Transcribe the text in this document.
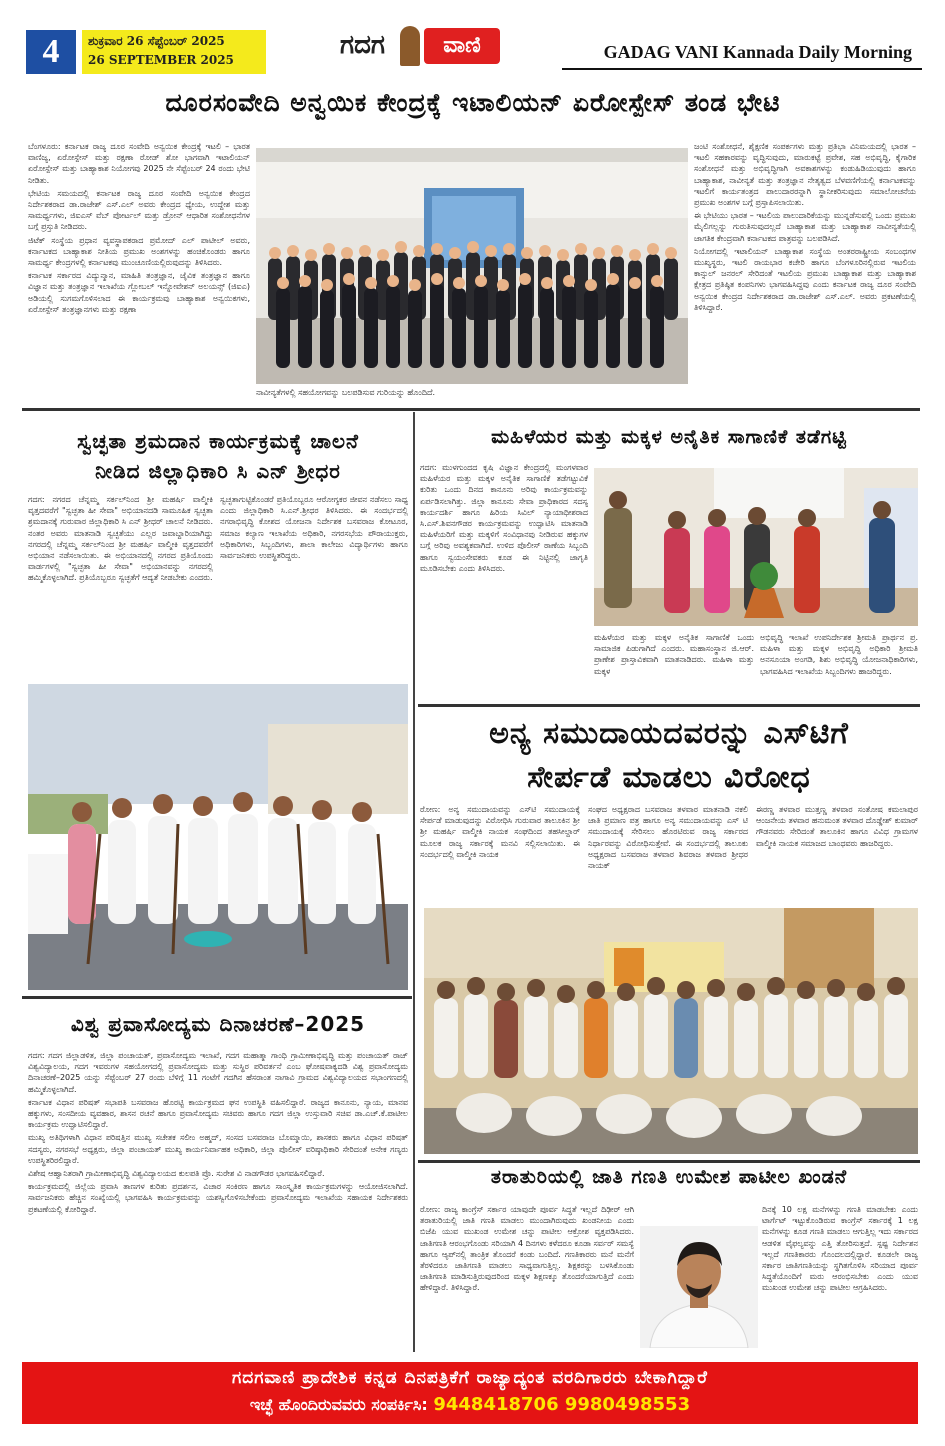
4	ಶುಕ್ರವಾರ 26 ಸೆಪ್ಟೆಂಬರ್ 2025
26 SEPTEMBER 2025	ಗದಗ	ವಾಣಿ	GADAG VANI Kannada Daily Morning
ದೂರಸಂವೇದಿ ಅನ್ವಯಿಕ ಕೇಂದ್ರಕ್ಕೆ ಇಟಾಲಿಯನ್ ಏರೋಸ್ಪೇಸ್ ತಂಡ ಭೇಟಿ

ಬೆಂಗಳೂರು: ಕರ್ನಾಟಕ ರಾಜ್ಯ ದೂರ ಸಂವೇದಿ ಅನ್ವಯಿಕ ಕೇಂದ್ರಕ್ಕೆ ಇಟಲಿ – ಭಾರತ ವಾಣಿಜ್ಯ, ಏರೋಸ್ಪೇಸ್ ಮತ್ತು ರಕ್ಷಣಾ ರೋಡ್ ಶೋ ಭಾಗವಾಗಿ ಇಟಾಲಿಯನ್ ಏರೋಸ್ಪೇಸ್ ಮತ್ತು ಬಾಹ್ಯಾಕಾಶ ನಿಯೋಗವು 2025 ನೇ ಸೆಪ್ಟೆಂಬರ್ 24 ರಂದು ಭೇಟಿ ನೀಡಿತು.

ಭೇಟಿಯ ಸಮಯದಲ್ಲಿ ಕರ್ನಾಟಕ ರಾಜ್ಯ ದೂರ ಸಂವೇದಿ ಅನ್ವಯಿಕ ಕೇಂದ್ರದ ನಿರ್ದೇಶಕರಾದ ಡಾ.ರಾಜೇಶ್ ಎಸ್.ಎಲ್ ಅವರು ಕೇಂದ್ರದ ಧ್ಯೇಯ, ಉದ್ದೇಶ ಮತ್ತು ಸಾಮರ್ಥ್ಯಗಳು, ಜಿಐಎಸ್ ವೆಬ್ ಪೋರ್ಟಲ್ ಮತ್ತು ಡ್ರೋನ್ ಆಧಾರಿತ ಸಂಶೋಧನೆಗಳ ಬಗ್ಗೆ ಪ್ರಸ್ತುತಿ ನೀಡಿದರು.

ಜಿಟೆಕ್ ಸಂಸ್ಥೆಯ ಪ್ರಧಾನ ವ್ಯವಸ್ಥಾಪಕರಾದ ಪ್ರಮೋದ್ ಎಲ್ ಪಾಟೀಲ್ ಅವರು, ಕರ್ನಾಟಕದ ಬಾಹ್ಯಾಕಾಶ ನೀತಿಯ ಪ್ರಮುಖ ಅಂಶಗಳನ್ನು ಹಂಚಿಕೊಂಡರು ಹಾಗೂ ಸಾಮರ್ಥ್ಯ ಕೇಂದ್ರಗಳಲ್ಲಿ ಕರ್ನಾಟಕವು ಮುಂಚೂಣಿಯಲ್ಲಿರುವುದನ್ನು ತಿಳಿಸಿದರು.

ಕರ್ನಾಟಕ ಸರ್ಕಾರದ ವಿದ್ಯುನ್ಮಾನ, ಮಾಹಿತಿ ತಂತ್ರಜ್ಞಾನ, ಜೈವಿಕ ತಂತ್ರಜ್ಞಾನ ಹಾಗೂ ವಿಜ್ಞಾನ ಮತ್ತು ತಂತ್ರಜ್ಞಾನ ಇಲಾಖೆಯ ಗ್ಲೋಬಲ್ ಇನ್ನೋವೇಶನ್ ಅಲಯನ್ಸ್ (ಜಿಐಎ) ಅಡಿಯಲ್ಲಿ ಸುಗಮಗೊಳಿಸಲಾದ ಈ ಕಾರ್ಯಕ್ರಮವು ಬಾಹ್ಯಾಕಾಶ ಅನ್ವಯಿಕಗಳು, ಏರೋಸ್ಪೇಸ್ ತಂತ್ರಜ್ಞಾನಗಳು ಮತ್ತು ರಕ್ಷಣಾ

ನಾವೀನ್ಯತೆಗಳಲ್ಲಿ ಸಹಯೋಗವನ್ನು ಬಲಪಡಿಸುವ ಗುರಿಯನ್ನು ಹೊಂದಿದೆ.

ಜಂಟಿ ಸಂಶೋಧನೆ, ಶೈಕ್ಷಣಿಕ ಸಂಪರ್ಕಗಳು ಮತ್ತು ಪ್ರತಿಭಾ ವಿನಿಮಯದಲ್ಲಿ ಭಾರತ – ಇಟಲಿ ಸಹಕಾರವನ್ನು ವೃದ್ಧಿಸುವುದು, ಮಾರುಕಟ್ಟೆ ಪ್ರವೇಶ, ಸಹ ಅಭಿವೃದ್ಧಿ, ಕೈಗಾರಿಕ ಸಂಶೋಧನೆ ಮತ್ತು ಅಭಿವೃದ್ಧಿಗಾಗಿ ಅವಕಾಶಗಳನ್ನು ಕಂಡುಹಿಡಿಯುವುದು ಹಾಗೂ ಬಾಹ್ಯಾಕಾಶ, ನಾವೀನ್ಯತೆ ಮತ್ತು ತಂತ್ರಜ್ಞಾನ ನೇತೃತ್ವದ ಬೆಳವಣಿಗೆಯಲ್ಲಿ ಕರ್ನಾಟಕವನ್ನು ಇಟಲಿಗೆ ಕಾರ್ಯತಂತ್ರದ ಪಾಲುದಾರರನ್ನಾಗಿ ಸ್ಥಾನೀಕರಿಸುವುದು ಸಮಾಲೋಚನೆಯ ಪ್ರಮುಖ ಅಂಶಗಳ ಬಗ್ಗೆ ಪ್ರಸ್ತಾಪಿಸಲಾಯಿತು.

ಈ ಭೇಟಿಯು ಭಾರತ – ಇಟಲಿಯ ಪಾಲುದಾರಿಕೆಯನ್ನು ಮುನ್ನಡೆಸುವಲ್ಲಿ ಒಂದು ಪ್ರಮುಖ ಮೈಲಿಗಲ್ಲನ್ನು ಗುರುತಿಸುವುದಲ್ಲದೆ ಬಾಹ್ಯಾಕಾಶ ಮತ್ತು ಬಾಹ್ಯಾಕಾಶ ನಾವೀನ್ಯತೆಯಲ್ಲಿ ಜಾಗತಿಕ ಕೇಂದ್ರವಾಗಿ ಕರ್ನಾಟಕದ ಪಾತ್ರವನ್ನು ಬಲಪಡಿಸಿದೆ.

ನಿಯೋಗದಲ್ಲಿ ಇಟಾಲಿಯನ್ ಬಾಹ್ಯಾಕಾಶ ಸಂಸ್ಥೆಯ ಅಂತರರಾಷ್ಟ್ರೀಯ ಸಂಬಂಧಗಳ ಮುಖ್ಯಸ್ಥರು, ಇಟಲಿ ರಾಯಭಾರ ಕಚೇರಿ ಹಾಗೂ ಬೆಂಗಳೂರಿನಲ್ಲಿರುವ ಇಟಲಿಯ ಕಾನ್ಸುಲ್ ಜನರಲ್ ಸೇರಿದಂತೆ ಇಟಲಿಯ ಪ್ರಮುಖ ಬಾಹ್ಯಾಕಾಶ ಮತ್ತು ಬಾಹ್ಯಾಕಾಶ ಕ್ಷೇತ್ರದ ಪ್ರತಿಷ್ಠಿತ ಕಂಪನಿಗಳು ಭಾಗವಹಿಸಿದ್ದವು ಎಂದು ಕರ್ನಾಟಕ ರಾಜ್ಯ ದೂರ ಸಂವೇದಿ ಅನ್ವಯಿಕ ಕೇಂದ್ರದ ನಿರ್ದೇಶಕರಾದ ಡಾ.ರಾಜೇಶ್ ಎಸ್.ಎಲ್. ಅವರು ಪ್ರಕಟಣೆಯಲ್ಲಿ ತಿಳಿಸಿದ್ದಾರೆ.

ಸ್ವಚ್ಛತಾ ಶ್ರಮದಾನ ಕಾರ್ಯಕ್ರಮಕ್ಕೆ ಚಾಲನೆ
ನೀಡಿದ ಜಿಲ್ಲಾಧಿಕಾರಿ ಸಿ ಎನ್ ಶ್ರೀಧರ
ಗದಗ: ನಗರದ ಚೆನ್ನಮ್ಮ ಸರ್ಕಲ್‍ನಿಂದ ಶ್ರೀ ಮಹರ್ಷಿ ವಾಲ್ಮೀಕಿ ವೃತ್ತದವರೆಗೆ "ಸ್ವಚ್ಛತಾ ಹೀ ಸೇವಾ" ಅಭಿಯಾನದಡಿ ಸಾಮೂಹಿಕ ಸ್ವಚ್ಛತಾ ಶ್ರಮದಾನಕ್ಕೆ ಗುರುವಾರ ಜಿಲ್ಲಾಧಿಕಾರಿ ಸಿ ಎನ್ ಶ್ರೀಧರ್ ಚಾಲನೆ ನೀಡಿದರು. ನಂತರ ಅವರು ಮಾತನಾಡಿ ಸ್ವಚ್ಛತೆಯು ಎಲ್ಲರ ಜವಾಬ್ದಾರಿಯಾಗಿದ್ದು ನಗರದಲ್ಲಿ ಚೆನ್ನಮ್ಮ ಸರ್ಕಲ್‍ನಿಂದ ಶ್ರೀ ಮಹರ್ಷಿ ವಾಲ್ಮೀಕಿ ವೃತ್ತದವರೆಗೆ ಅಭಿಯಾನ ನಡೆಸಲಾಯಿತು. ಈ ಅಭಿಯಾನದಲ್ಲಿ ನಗರದ ಪ್ರತಿಯೊಂದು ವಾರ್ಡಗಳಲ್ಲಿ "ಸ್ವಚ್ಛತಾ ಹೀ ಸೇವಾ" ಅಭಿಯಾನವನ್ನು ನಗರದಲ್ಲಿ ಹಮ್ಮಿಕೊಳ್ಳಲಾಗಿದೆ. ಪ್ರತಿಯೊಬ್ಬರೂ ಸ್ವಚ್ಛತೆಗೆ ಆದ್ಯತೆ ನೀಡಬೇಕು ಎಂದರು.
ಸ್ವಚ್ಛತಾಗುಟ್ಟಿಕೊಂಡರೆ ಪ್ರತಿಯೊಬ್ಬರೂ ಆರೋಗ್ಯಕರ ಜೀವನ ನಡೆಸಲು ಸಾಧ್ಯ ಎಂದು ಜಿಲ್ಲಾಧಿಕಾರಿ ಸಿ.ಎನ್.ಶ್ರೀಧರ ತಿಳಿಸಿದರು. ಈ ಸಂದರ್ಭದಲ್ಲಿ ನಗರಾಭಿವೃದ್ಧಿ ಕೋಶದ ಯೋಜನಾ ನಿರ್ದೇಶಕ ಬಸವರಾಜ ಕೋಟೂರ, ಸಮಾಜ ಕಲ್ಯಾಣ ಇಲಾಖೆಯ ಅಧಿಕಾರಿ, ನಗರಸಭೆಯ ಪೌರಾಯುಕ್ತರು, ಅಧಿಕಾರಿಗಳು, ಸಿಬ್ಬಂದಿಗಳು, ಶಾಲಾ ಕಾಲೇಜು ವಿದ್ಯಾರ್ಥಿಗಳು ಹಾಗೂ ಸಾರ್ವಜನಿಕರು ಉಪಸ್ಥಿತರಿದ್ದರು.
ವಿಶ್ವ ಪ್ರವಾಸೋದ್ಯಮ ದಿನಾಚರಣೆ–2025

ಗದಗ: ಗದಗ ಜಿಲ್ಲಾಡಳಿತ, ಜಿಲ್ಲಾ ಪಂಚಾಯತ್, ಪ್ರವಾಸೋದ್ಯಮ ಇಲಾಖೆ, ಗದಗ ಮಹಾತ್ಮಾ ಗಾಂಧಿ ಗ್ರಾಮೀಣಾಭಿವೃದ್ಧಿ ಮತ್ತು ಪಂಚಾಯತ್ ರಾಜ್ ವಿಶ್ವವಿದ್ಯಾಲಯ, ಗದಗ ಇವರುಗಳ ಸಹಯೋಗದಲ್ಲಿ ಪ್ರವಾಸೋದ್ಯಮ ಮತ್ತು ಸುಸ್ಥಿರ ಪರಿವರ್ತನೆ ಎಂಬ ಘೋಷವಾಕ್ಯದಡಿ ವಿಶ್ವ ಪ್ರವಾಸೋದ್ಯಮ ದಿನಾಚರಣೆ–2025 ಯನ್ನು ಸೆಪ್ಟೆಂಬರ್ 27 ರಂದು ಬೆಳಿಗ್ಗೆ 11 ಗಂಟೆಗೆ ಗದಗಿನ ಹೆಸರಾಂತ ನಾಗಾವಿ ಗ್ರಾಮದ ವಿಶ್ವವಿದ್ಯಾಲಯದ ಸಭಾಂಗಣದಲ್ಲಿ ಹಮ್ಮಿಕೊಳ್ಳಲಾಗಿದೆ.

ಕರ್ನಾಟಕ ವಿಧಾನ ಪರಿಷತ್ ಸಭಾಪತಿ ಬಸವರಾಜ ಹೊರಟ್ಟಿ ಕಾರ್ಯಕ್ರಮದ ಘನ ಉಪಸ್ಥಿತಿ ವಹಿಸಲಿದ್ದಾರೆ. ರಾಜ್ಯದ ಕಾನೂನು, ನ್ಯಾಯ, ಮಾನವ ಹಕ್ಕುಗಳು, ಸಂಸದೀಯ ವ್ಯವಹಾರ, ಶಾಸನ ರಚನೆ ಹಾಗೂ ಪ್ರವಾಸೋದ್ಯಮ ಸಚಿವರು ಹಾಗೂ ಗದಗ ಜಿಲ್ಲಾ ಉಸ್ತುವಾರಿ ಸಚಿವ ಡಾ.ಎಚ್.ಕೆ.ಪಾಟೀಲ ಕಾರ್ಯಕ್ರಮ ಉದ್ಘಾಟಿಸಲಿದ್ದಾರೆ.

ಮುಖ್ಯ ಅತಿಥಿಗಳಾಗಿ ವಿಧಾನ ಪರಿಷತ್ತಿನ ಮುಖ್ಯ ಸಚೇತಕ ಸಲೀಂ ಅಹ್ಮದ್, ಸಂಸದ ಬಸವರಾಜ ಬೊಮ್ಮಾಯಿ, ಶಾಸಕರು ಹಾಗೂ ವಿಧಾನ ಪರಿಷತ್ ಸದಸ್ಯರು, ನಗರಸಭೆ ಅಧ್ಯಕ್ಷರು, ಜಿಲ್ಲಾ ಪಂಚಾಯತ್ ಮುಖ್ಯ ಕಾರ್ಯನಿರ್ವಾಹಕ ಅಧಿಕಾರಿ, ಜಿಲ್ಲಾ ಪೊಲೀಸ್ ವರಿಷ್ಠಾಧಿಕಾರಿ ಸೇರಿದಂತೆ ಅನೇಕ ಗಣ್ಯರು ಉಪಸ್ಥಿತರಿರಲಿದ್ದಾರೆ.

ವಿಶೇಷ ಆಹ್ವಾನಿತರಾಗಿ ಗ್ರಾಮೀಣಾಭಿವೃದ್ಧಿ ವಿಶ್ವವಿದ್ಯಾಲಯದ ಕುಲಪತಿ ಪ್ರೊ. ಸುರೇಶ ವಿ ನಾಡಗೌಡರ ಭಾಗವಹಿಸಲಿದ್ದಾರೆ.

ಕಾರ್ಯಕ್ರಮದಲ್ಲಿ ಜಿಲ್ಲೆಯ ಪ್ರವಾಸಿ ತಾಣಗಳ ಕುರಿತು ಪ್ರದರ್ಶನ, ವಿಚಾರ ಸಂಕಿರಣ ಹಾಗೂ ಸಾಂಸ್ಕೃತಿಕ ಕಾರ್ಯಕ್ರಮಗಳನ್ನು ಆಯೋಜಿಸಲಾಗಿದೆ. ಸಾರ್ವಜನಿಕರು ಹೆಚ್ಚಿನ ಸಂಖ್ಯೆಯಲ್ಲಿ ಭಾಗವಹಿಸಿ ಕಾರ್ಯಕ್ರಮವನ್ನು ಯಶಸ್ವಿಗೊಳಿಸಬೇಕೆಂದು ಪ್ರವಾಸೋದ್ಯಮ ಇಲಾಖೆಯ ಸಹಾಯಕ ನಿರ್ದೇಶಕರು ಪ್ರಕಟಣೆಯಲ್ಲಿ ಕೋರಿದ್ದಾರೆ.

ಮಹಿಳೆಯರ ಮತ್ತು ಮಕ್ಕಳ ಅನೈತಿಕ ಸಾಗಾಣಿಕೆ ತಡೆಗಟ್ಟಿ
ಗದಗ: ಮುಳಗುಂದದ ಕೃಷಿ ವಿಜ್ಞಾನ ಕೇಂದ್ರದಲ್ಲಿ ಮಂಗಳವಾರ ಮಹಿಳೆಯರ ಮತ್ತು ಮಕ್ಕಳ ಅನೈತಿಕ ಸಾಗಾಣಿಕೆ ತಡೆಗಟ್ಟುವಿಕೆ ಕುರಿತು ಒಂದು ದಿನದ ಕಾನೂನು ಅರಿವು ಕಾರ್ಯಕ್ರಮವನ್ನು ಏರ್ಪಡಿಸಲಾಗಿತ್ತು. ಜಿಲ್ಲಾ ಕಾನೂನು ಸೇವಾ ಪ್ರಾಧಿಕಾರದ ಸದಸ್ಯ ಕಾರ್ಯದರ್ಶಿ ಹಾಗೂ ಹಿರಿಯ ಸಿವಿಲ್ ನ್ಯಾಯಾಧೀಶರಾದ ಸಿ.ಎಸ್.ಶಿವನಗೌಡರ ಕಾರ್ಯಕ್ರಮವನ್ನು ಉದ್ಘಾಟಿಸಿ ಮಾತನಾಡಿ ಮಹಿಳೆಯರಿಗೆ ಮತ್ತು ಮಕ್ಕಳಿಗೆ ಸಂವಿಧಾನವು ನೀಡಿರುವ ಹಕ್ಕುಗಳ ಬಗ್ಗೆ ಅರಿವು ಅವಶ್ಯಕವಾಗಿದೆ. ಉಳಿದ ಪೊಲೀಸ್ ಠಾಣೆಯ ಸಿಬ್ಬಂದಿ ಹಾಗೂ ಸ್ವಯಂಸೇವಕರು ಕೂಡ ಈ ನಿಟ್ಟಿನಲ್ಲಿ ಜಾಗೃತಿ ಮೂಡಿಸಬೇಕು ಎಂದು ತಿಳಿಸಿದರು.
ಮಹಿಳೆಯರ ಮತ್ತು ಮಕ್ಕಳ ಅನೈತಿಕ ಸಾಗಾಣಿಕೆ ಒಂದು ಸಾಮಾಜಿಕ ಪಿಡುಗಾಗಿದೆ ಎಂದರು. ಮಹಾಸಂಸ್ಥಾನ ಜಿ.ಆರ್. ಪ್ರಾಣೇಶ ಪ್ರಾಸ್ತಾವಿಕವಾಗಿ ಮಾತನಾಡಿದರು. ಮಹಿಳಾ ಮತ್ತು ಮಕ್ಕಳ
ಅಭಿವೃದ್ಧಿ ಇಲಾಖೆ ಉಪನಿರ್ದೇಶಕ ಶ್ರೀಮತಿ ಪ್ರಾರ್ಥನ ಪ್ರ. ಮಹಿಳಾ ಮತ್ತು ಮಕ್ಕಳ ಅಭಿವೃದ್ಧಿ ಅಧಿಕಾರಿ ಶ್ರೀಮತಿ ಅನಸೂಯಾ ಅಂಗಡಿ, ಶಿಶು ಅಭಿವೃದ್ಧಿ ಯೋಜನಾಧಿಕಾರಿಗಳು, ಭಾಗವಹಿಸಿದ ಇಲಾಖೆಯ ಸಿಬ್ಬಂದಿಗಳು ಹಾಜರಿದ್ದರು.
ಅನ್ಯ ಸಮುದಾಯದವರನ್ನು ಎಸ್‍ಟಿಗೆ
ಸೇರ್ಪಡೆ ಮಾಡಲು ವಿರೋಧ
ರೋಣ: ಅನ್ಯ ಸಮುದಾಯವನ್ನು ಎಸ್‍ಟಿ ಸಮುದಾಯಕ್ಕೆ ಸೇರ್ಪಡೆ ಮಾಡುವುದನ್ನು ವಿರೋಧಿಸಿ ಗುರುವಾರ ತಾಲೂಕಿನ ಶ್ರೀ ಶ್ರೀ ಮಹರ್ಷಿ ವಾಲ್ಮೀಕಿ ನಾಯಕ ಸಂಘದಿಂದ ತಹಸೀಲ್ದಾರ್ ಮೂಲಕ ರಾಜ್ಯ ಸರ್ಕಾರಕ್ಕೆ ಮನವಿ ಸಲ್ಲಿಸಲಾಯಿತು. ಈ ಸಂದರ್ಭದಲ್ಲಿ ವಾಲ್ಮೀಕಿ ನಾಯಕ
ಸಂಘದ ಅಧ್ಯಕ್ಷರಾದ ಬಸವರಾಜ ತಳವಾರ ಮಾತನಾಡಿ ನಕಲಿ ಜಾತಿ ಪ್ರಮಾಣ ಪತ್ರ ಹಾಗೂ ಅನ್ಯ ಸಮುದಾಯವನ್ನು ಎಸ್ ಟಿ ಸಮುದಾಯಕ್ಕೆ ಸೇರಿಸಲು ಹೊರಟಿರುವ ರಾಜ್ಯ ಸರ್ಕಾರದ ನಿರ್ಧಾರವನ್ನು ವಿರೋಧಿಸುತ್ತೇವೆ. ಈ ಸಂದರ್ಭದಲ್ಲಿ ತಾಲೂಕು ಅಧ್ಯಕ್ಷರಾದ ಬಸವರಾಜ ತಳವಾರ ಶಿವರಾಜ ತಳವಾರ ಶ್ರೀಧರ ನಾಯಕ್
ಈರಣ್ಣ ತಳವಾರ ಮುತ್ತಣ್ಣ ತಳವಾರ ಸಂತೋಷ ಕಮಲಾಪುರ ಆಂಜನೇಯ ತಳವಾರ ಹನುಮಂತ ತಳವಾರ ದೊಡ್ಡೇಶ್ ಕುಮಾರ್ ಗೌಡನವರು ಸೇರಿದಂತೆ ತಾಲೂಕಿನ ಹಾಗೂ ವಿವಿಧ ಗ್ರಾಮಗಳ ವಾಲ್ಮೀಕಿ ನಾಯಕ ಸಮಾಜದ ಬಾಂಧವರು ಹಾಜರಿದ್ದರು.
ತರಾತುರಿಯಲ್ಲಿ ಜಾತಿ ಗಣತಿ ಉಮೇಶ ಪಾಟೀಲ ಖಂಡನೆ
ರೋಣ: ರಾಜ್ಯ ಕಾಂಗ್ರೆಸ್ ಸರ್ಕಾರ ಯಾವುದೇ ಪೂರ್ವ ಸಿದ್ಧತೆ ಇಲ್ಲದೆ ದಿಢೀರ್ ಆಗಿ ತರಾತುರಿಯಲ್ಲಿ ಜಾತಿ ಗಣತಿ ಮಾಡಲು ಮುಂದಾಗಿರುವುದು ಖಂಡನೀಯ ಎಂದು ಬಿಜೆಪಿ ಯುವ ಮುಖಂಡ ಉಮೇಶ ಚನ್ನು ಪಾಟೀಲ ಆಕ್ರೋಶ ವ್ಯಕ್ತಪಡಿಸಿದರು. ಜಾತಿಗಣತಿ ಆರಂಭಗೊಂಡು ಸರಿಯಾಗಿ 4 ದಿನಗಳು ಕಳೆದರೂ ಕೂಡಾ ಸರ್ವರ್ ಸಮಸ್ಯೆ ಹಾಗೂ ಆ್ಯಪ್‍ನಲ್ಲಿ ತಾಂತ್ರಿಕ ತೊಂದರೆ ಕಂಡು ಬಂದಿದೆ. ಗಣತಿಕಾರರು ಮನೆ ಮನೆಗೆ ತೆರಳಿದರೂ ಜಾತಿಗಣತಿ ಮಾಡಲು ಸಾಧ್ಯವಾಗುತ್ತಿಲ್ಲ. ಶಿಕ್ಷಕರನ್ನು ಬಳಸಿಕೊಂಡು ಜಾತಿಗಣತಿ ಮಾಡಿಸುತ್ತಿರುವುದರಿಂದ ಮಕ್ಕಳ ಶಿಕ್ಷಣಕ್ಕೂ ತೊಂದರೆಯಾಗುತ್ತಿದೆ ಎಂದು ಹೇಳಿದ್ದಾರೆ. ತಿಳಿಸಿದ್ದಾರೆ.
ದಿನಕ್ಕೆ 10 ಲಕ್ಷ ಮನೆಗಳನ್ನು ಗಣತಿ ಮಾಡಬೇಕು ಎಂದು ಟಾರ್ಗೆಟ್ ಇಟ್ಟುಕೊಂಡಿರುವ ಕಾಂಗ್ರೆಸ್ ಸರ್ಕಾರಕ್ಕೆ 1 ಲಕ್ಷ ಮನೆಗಳನ್ನು ಕೂಡ ಗಣತಿ ಮಾಡಲು ಆಗುತ್ತಿಲ್ಲ ಇದು ಸರ್ಕಾರದ ಆಡಳಿತ ವೈಫಲ್ಯವನ್ನು ಎತ್ತಿ ತೋರಿಸುತ್ತದೆ. ಸ್ಪಷ್ಟ ನಿರ್ದೇಶನ ಇಲ್ಲದೆ ಗಣತಿಕಾರರು ಗೊಂದಲದಲ್ಲಿದ್ದಾರೆ. ಕೂಡಲೇ ರಾಜ್ಯ ಸರ್ಕಾರ ಜಾತಿಗಣತಿಯನ್ನು ಸ್ಥಗಿತಗೊಳಿಸಿ ಸರಿಯಾದ ಪೂರ್ವ ಸಿದ್ಧತೆಯೊಂದಿಗೆ ಮರು ಆರಂಭಿಸಬೇಕು ಎಂದು ಯುವ ಮುಖಂಡ ಉಮೇಶ ಚನ್ನು ಪಾಟೀಲ ಆಗ್ರಹಿಸಿದರು.
ಗದಗವಾಣಿ ಪ್ರಾದೇಶಿಕ ಕನ್ನಡ ದಿನಪತ್ರಿಕೆಗೆ ರಾಜ್ಯಾದ್ಯಂತ ವರದಿಗಾರರು ಬೇಕಾಗಿದ್ದಾರೆ
ಇಚ್ಛೆ ಹೊಂದಿರುವವರು ಸಂಪರ್ಕಿಸಿ: 9448418706 9980498553
